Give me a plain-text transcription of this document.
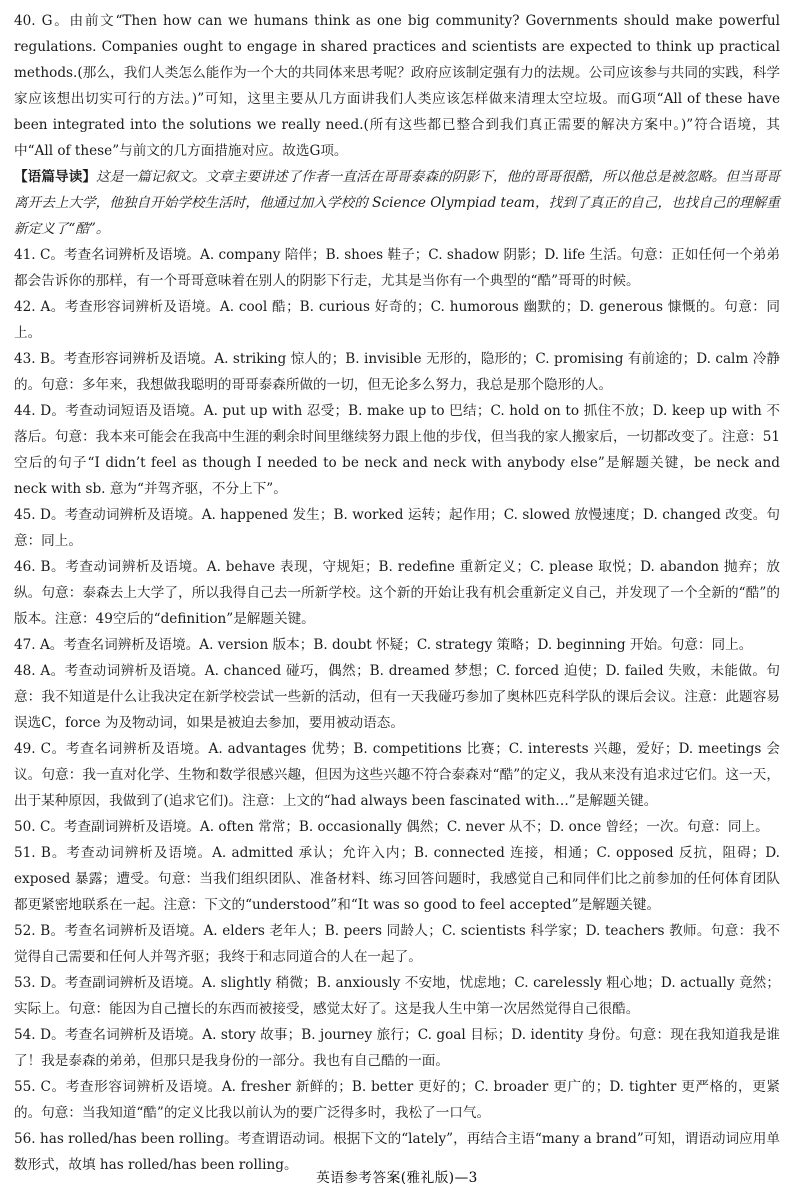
40. G。由前文“Then how can we humans think as one big community? Governments should make powerful regulations. Companies ought to engage in shared practices and scientists are expected to think up practical methods.(那么，我们人类怎么能作为一个大的共同体来思考呢？政府应该制定强有力的法规。公司应该参与共同的实践，科学家应该想出切实可行的方法。)”可知，这里主要从几方面讲我们人类应该怎样做来清理太空垃圾。而G项“All of these have been integrated into the solutions we really need.(所有这些都已整合到我们真正需要的解决方案中。)”符合语境，其中“All of these”与前文的几方面措施对应。故选G项。

【语篇导读】这是一篇记叙文。文章主要讲述了作者一直活在哥哥泰森的阴影下，他的哥哥很酷，所以他总是被忽略。但当哥哥离开去上大学，他独自开始学校生活时，他通过加入学校的 Science Olympiad team，找到了真正的自己，也找自己的理解重新定义了“酷”。

41. C。考查名词辨析及语境。A. company 陪伴；B. shoes 鞋子；C. shadow 阴影；D. life 生活。句意：正如任何一个弟弟都会告诉你的那样，有一个哥哥意味着在别人的阴影下行走，尤其是当你有一个典型的“酷”哥哥的时候。

42. A。考查形容词辨析及语境。A. cool 酷；B. curious 好奇的；C. humorous 幽默的；D. generous 慷慨的。句意：同上。

43. B。考查形容词辨析及语境。A. striking 惊人的；B. invisible 无形的，隐形的；C. promising 有前途的；D. calm 冷静的。句意：多年来，我想做我聪明的哥哥泰森所做的一切，但无论多么努力，我总是那个隐形的人。

44. D。考查动词短语及语境。A. put up with 忍受；B. make up to 巴结；C. hold on to 抓住不放；D. keep up with 不落后。句意：我本来可能会在我高中生涯的剩余时间里继续努力跟上他的步伐，但当我的家人搬家后，一切都改变了。注意：51空后的句子“I didn’t feel as though I needed to be neck and neck with anybody else”是解题关键，be neck and neck with sb. 意为“并驾齐驱，不分上下”。

45. D。考查动词辨析及语境。A. happened 发生；B. worked 运转；起作用；C. slowed 放慢速度；D. changed 改变。句意：同上。

46. B。考查动词辨析及语境。A. behave 表现，守规矩；B. redefine 重新定义；C. please 取悦；D. abandon 抛弃；放纵。句意：泰森去上大学了，所以我得自己去一所新学校。这个新的开始让我有机会重新定义自己，并发现了一个全新的“酷”的版本。注意：49空后的“definition”是解题关键。

47. A。考查名词辨析及语境。A. version 版本；B. doubt 怀疑；C. strategy 策略；D. beginning 开始。句意：同上。

48. A。考查动词辨析及语境。A. chanced 碰巧，偶然；B. dreamed 梦想；C. forced 迫使；D. failed 失败，未能做。句意：我不知道是什么让我决定在新学校尝试一些新的活动，但有一天我碰巧参加了奥林匹克科学队的课后会议。注意：此题容易误选C，force 为及物动词，如果是被迫去参加，要用被动语态。

49. C。考查名词辨析及语境。A. advantages 优势；B. competitions 比赛；C. interests 兴趣，爱好；D. meetings 会议。句意：我一直对化学、生物和数学很感兴趣，但因为这些兴趣不符合泰森对“酷”的定义，我从来没有追求过它们。这一天，出于某种原因，我做到了(追求它们)。注意：上文的“had always been fascinated with…”是解题关键。

50. C。考查副词辨析及语境。A. often 常常；B. occasionally 偶然；C. never 从不；D. once 曾经；一次。句意：同上。

51. B。考查动词辨析及语境。A. admitted 承认；允许入内；B. connected 连接，相通；C. opposed 反抗，阻碍；D. exposed 暴露；遭受。句意：当我们组织团队、准备材料、练习回答问题时，我感觉自己和同伴们比之前参加的任何体育团队都更紧密地联系在一起。注意：下文的“understood”和“It was so good to feel accepted”是解题关键。

52. B。考查名词辨析及语境。A. elders 老年人；B. peers 同龄人；C. scientists 科学家；D. teachers 教师。句意：我不觉得自己需要和任何人并驾齐驱；我终于和志同道合的人在一起了。

53. D。考查副词辨析及语境。A. slightly 稍微；B. anxiously 不安地，忧虑地；C. carelessly 粗心地；D. actually 竟然；实际上。句意：能因为自己擅长的东西而被接受，感觉太好了。这是我人生中第一次居然觉得自己很酷。

54. D。考查名词辨析及语境。A. story 故事；B. journey 旅行；C. goal 目标；D. identity 身份。句意：现在我知道我是谁了！我是泰森的弟弟，但那只是我身份的一部分。我也有自己酷的一面。

55. C。考查形容词辨析及语境。A. fresher 新鲜的；B. better 更好的；C. broader 更广的；D. tighter 更严格的，更紧的。句意：当我知道“酷”的定义比我以前认为的要广泛得多时，我松了一口气。

56. has rolled/has been rolling。考查谓语动词。根据下文的“lately”，再结合主语“many a brand”可知，谓语动词应用单数形式，故填 has rolled/has been rolling。

英语参考答案(雅礼版)—3
